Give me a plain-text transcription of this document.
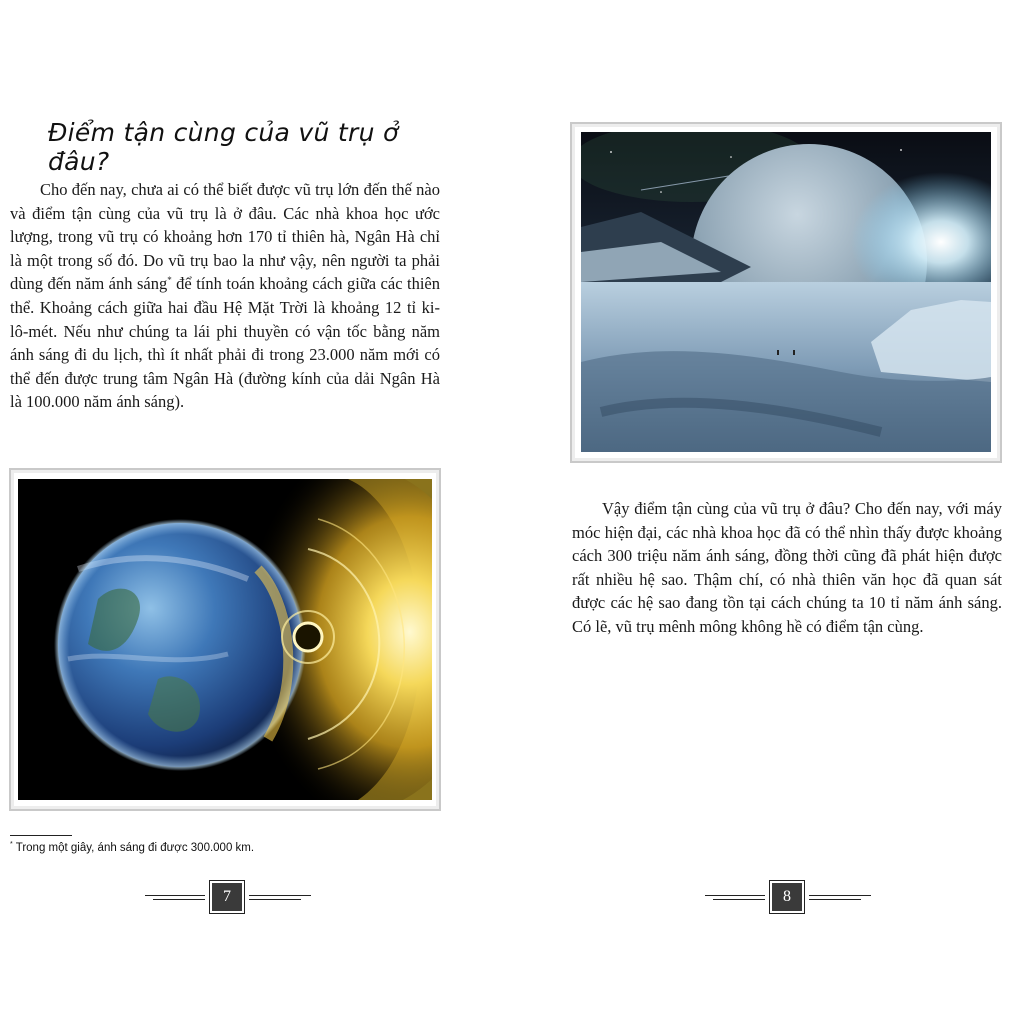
Điểm tận cùng của vũ trụ ở đâu?

Cho đến nay, chưa ai có thể biết được vũ trụ lớn đến thế nào và điểm tận cùng của vũ trụ là ở đâu. Các nhà khoa học ước lượng, trong vũ trụ có khoảng hơn 170 tỉ thiên hà, Ngân Hà chỉ là một trong số đó. Do vũ trụ bao la như vậy, nên người ta phải dùng đến năm ánh sáng* để tính toán khoảng cách giữa các thiên thể. Khoảng cách giữa hai đầu Hệ Mặt Trời là khoảng 12 tỉ ki-lô-mét. Nếu như chúng ta lái phi thuyền có vận tốc bằng năm ánh sáng đi du lịch, thì ít nhất phải đi trong 23.000 năm mới có thể đến được trung tâm Ngân Hà (đường kính của dải Ngân Hà là 100.000 năm ánh sáng).

* Trong một giây, ánh sáng đi được 300.000 km.

7

Vậy điểm tận cùng của vũ trụ ở đâu? Cho đến nay, với máy móc hiện đại, các nhà khoa học đã có thể nhìn thấy được khoảng cách 300 triệu năm ánh sáng, đồng thời cũng đã phát hiện được rất nhiều hệ sao. Thậm chí, có nhà thiên văn học đã quan sát được các hệ sao đang tồn tại cách chúng ta 10 tỉ năm ánh sáng. Có lẽ, vũ trụ mênh mông không hề có điểm tận cùng.

8
